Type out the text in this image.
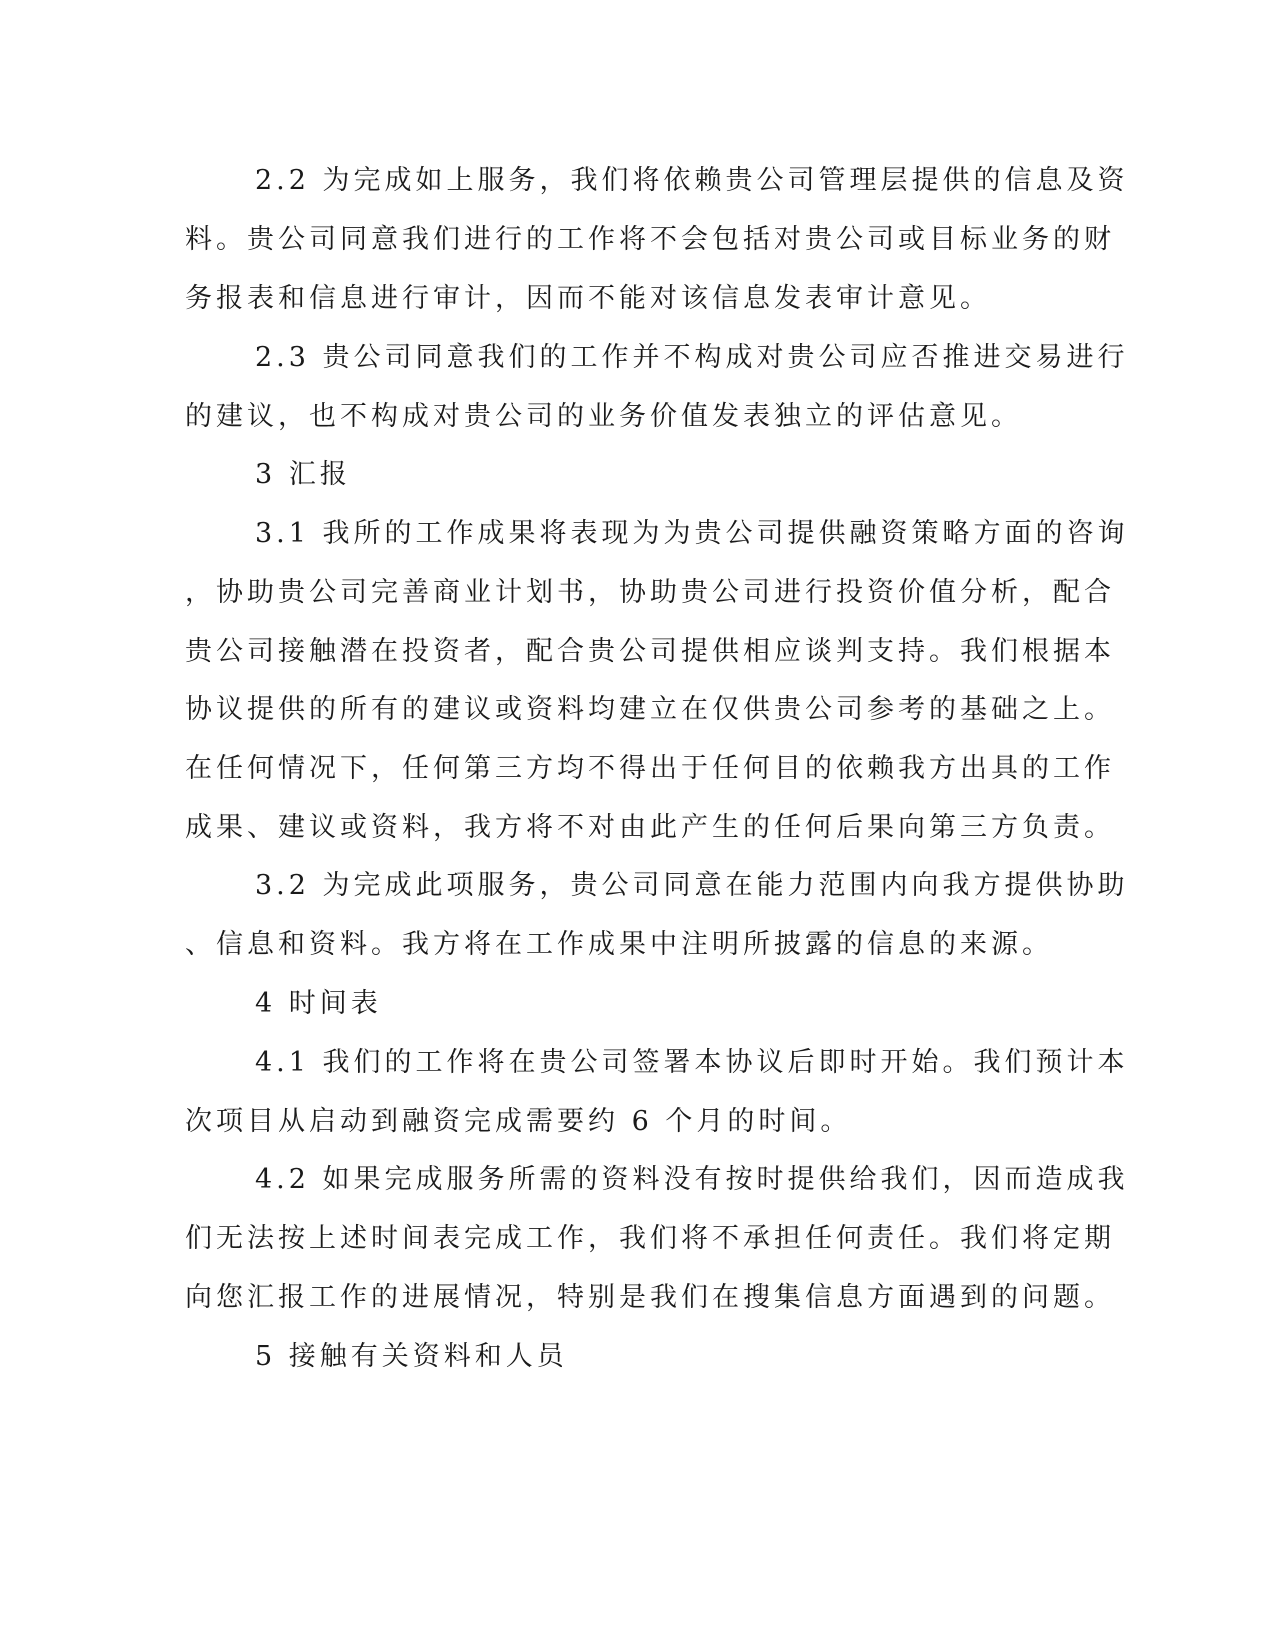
2.2 为完成如上服务，我们将依赖贵公司管理层提供的信息及资
料。贵公司同意我们进行的工作将不会包括对贵公司或目标业务的财
务报表和信息进行审计，因而不能对该信息发表审计意见。
2.3 贵公司同意我们的工作并不构成对贵公司应否推进交易进行
的建议，也不构成对贵公司的业务价值发表独立的评估意见。
3 汇报
3.1 我所的工作成果将表现为为贵公司提供融资策略方面的咨询
，协助贵公司完善商业计划书，协助贵公司进行投资价值分析，配合
贵公司接触潜在投资者，配合贵公司提供相应谈判支持。我们根据本
协议提供的所有的建议或资料均建立在仅供贵公司参考的基础之上。
在任何情况下，任何第三方均不得出于任何目的依赖我方出具的工作
成果、建议或资料，我方将不对由此产生的任何后果向第三方负责。
3.2 为完成此项服务，贵公司同意在能力范围内向我方提供协助
、信息和资料。我方将在工作成果中注明所披露的信息的来源。
4 时间表
4.1 我们的工作将在贵公司签署本协议后即时开始。我们预计本
次项目从启动到融资完成需要约 6 个月的时间。
4.2 如果完成服务所需的资料没有按时提供给我们，因而造成我
们无法按上述时间表完成工作，我们将不承担任何责任。我们将定期
向您汇报工作的进展情况，特别是我们在搜集信息方面遇到的问题。
5 接触有关资料和人员
